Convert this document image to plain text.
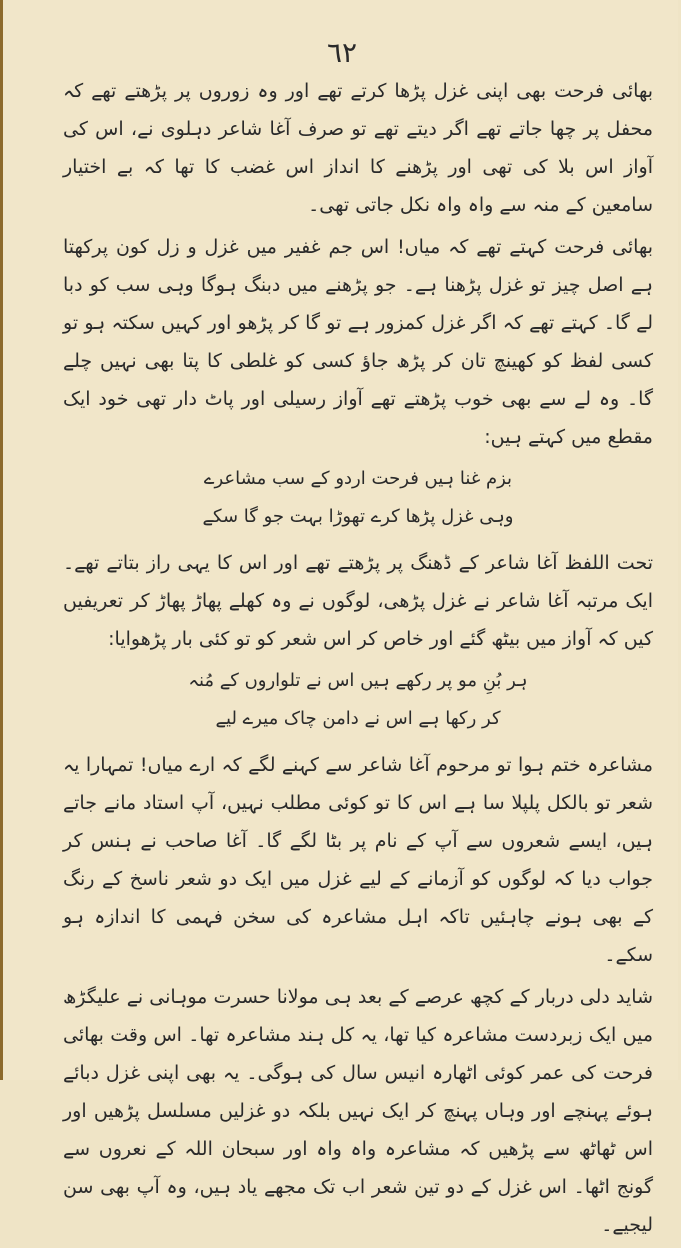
٦٢

بھائی فرحت بھی اپنی غزل پڑھا کرتے تھے اور وہ زوروں پر پڑھتے تھے کہ محفل پر چھا جاتے تھے اگر دیتے تھے تو صرف آغا شاعر دہلوی نے، اس کی آواز اس بلا کی تھی اور پڑھنے کا انداز اس غضب کا تھا کہ بے اختیار سامعین کے منہ سے واہ واہ نکل جاتی تھی۔

بھائی فرحت کہتے تھے کہ میاں! اس جم غفیر میں غزل و زل کون پرکھتا ہے اصل چیز تو غزل پڑھنا ہے۔ جو پڑھنے میں دبنگ ہوگا وہی سب کو دبا لے گا۔ کہتے تھے کہ اگر غزل کمزور ہے تو گا کر پڑھو اور کہیں سکتہ ہو تو کسی لفظ کو کھینچ تان کر پڑھ جاؤ کسی کو غلطی کا پتا بھی نہیں چلے گا۔ وہ لے سے بھی خوب پڑھتے تھے آواز رسیلی اور پاٹ دار تھی خود ایک مقطع میں کہتے ہیں:

بزم غنا ہیں فرحت اردو کے سب مشاعرے
وہی غزل پڑھا کرے تھوڑا بہت جو گا سکے

تحت اللفظ آغا شاعر کے ڈھنگ پر پڑھتے تھے اور اس کا یہی راز بتاتے تھے۔ ایک مرتبہ آغا شاعر نے غزل پڑھی، لوگوں نے وہ کھلے پھاڑ پھاڑ کر تعریفیں کیں کہ آواز میں بیٹھ گئے اور خاص کر اس شعر کو تو کئی بار پڑھوایا:

ہر بُنِ مو پر رکھے ہیں اس نے تلواروں کے مُنہ
کر رکھا ہے اس نے دامن چاک میرے لیے

مشاعرہ ختم ہوا تو مرحوم آغا شاعر سے کہنے لگے کہ ارے میاں! تمہارا یہ شعر تو بالکل پلپلا سا ہے اس کا تو کوئی مطلب نہیں، آپ استاد مانے جاتے ہیں، ایسے شعروں سے آپ کے نام پر بٹا لگے گا۔ آغا صاحب نے ہنس کر جواب دیا کہ لوگوں کو آزمانے کے لیے غزل میں ایک دو شعر ناسخ کے رنگ کے بھی ہونے چاہئیں تاکہ اہل مشاعرہ کی سخن فہمی کا اندازہ ہو سکے۔

شاید دلی دربار کے کچھ عرصے کے بعد ہی مولانا حسرت موہانی نے علیگڑھ میں ایک زبردست مشاعرہ کیا تھا، یہ کل ہند مشاعرہ تھا۔ اس وقت بھائی فرحت کی عمر کوئی اٹھارہ انیس سال کی ہوگی۔ یہ بھی اپنی غزل دبائے ہوئے پہنچے اور وہاں پہنچ کر ایک نہیں بلکہ دو غزلیں مسلسل پڑھیں اور اس ٹھاٹھ سے پڑھیں کہ مشاعرہ واہ واہ اور سبحان اللہ کے نعروں سے گونج اٹھا۔ اس غزل کے دو تین شعر اب تک مجھے یاد ہیں، وہ آپ بھی سن لیجیے۔
